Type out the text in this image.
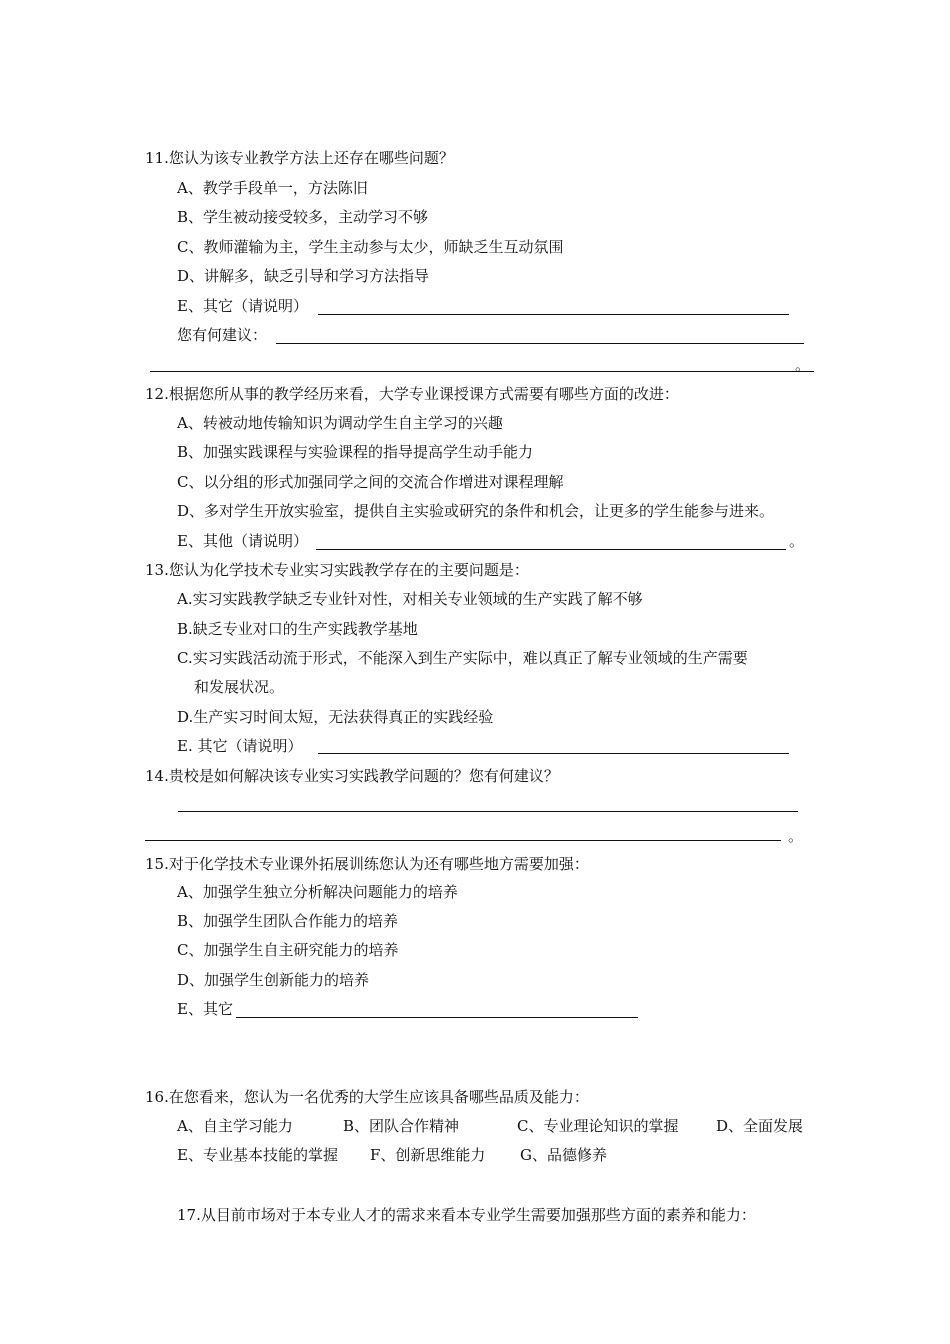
11.您认为该专业教学方法上还存在哪些问题？
A、教学手段单一，方法陈旧
B、学生被动接受较多，主动学习不够
C、教师灌输为主，学生主动参与太少，师缺乏生互动氛围
D、讲解多，缺乏引导和学习方法指导
E、其它（请说明）
您有何建议：
。
12.根据您所从事的教学经历来看，大学专业课授课方式需要有哪些方面的改进：
A、转被动地传输知识为调动学生自主学习的兴趣
B、加强实践课程与实验课程的指导提高学生动手能力
C、以分组的形式加强同学之间的交流合作增进对课程理解
D、多对学生开放实验室，提供自主实验或研究的条件和机会，让更多的学生能参与进来。
E、其他（请说明）	。
13.您认为化学技术专业实习实践教学存在的主要问题是：
A.实习实践教学缺乏专业针对性，对相关专业领域的生产实践了解不够
B.缺乏专业对口的生产实践教学基地
C.实习实践活动流于形式，不能深入到生产实际中，难以真正了解专业领域的生产需要
和发展状况。
D.生产实习时间太短，无法获得真正的实践经验
E. 其它（请说明）
14.贵校是如何解决该专业实习实践教学问题的？您有何建议？
。
15.对于化学技术专业课外拓展训练您认为还有哪些地方需要加强：
A、加强学生独立分析解决问题能力的培养
B、加强学生团队合作能力的培养
C、加强学生自主研究能力的培养
D、加强学生创新能力的培养
E、其它
16.在您看来，您认为一名优秀的大学生应该具备哪些品质及能力：
A、自主学习能力	B、团队合作精神	C、专业理论知识的掌握	D、全面发展
E、专业基本技能的掌握 F、创新思维能力 G、品德修养
17.从目前市场对于本专业人才的需求来看本专业学生需要加强那些方面的素养和能力：
